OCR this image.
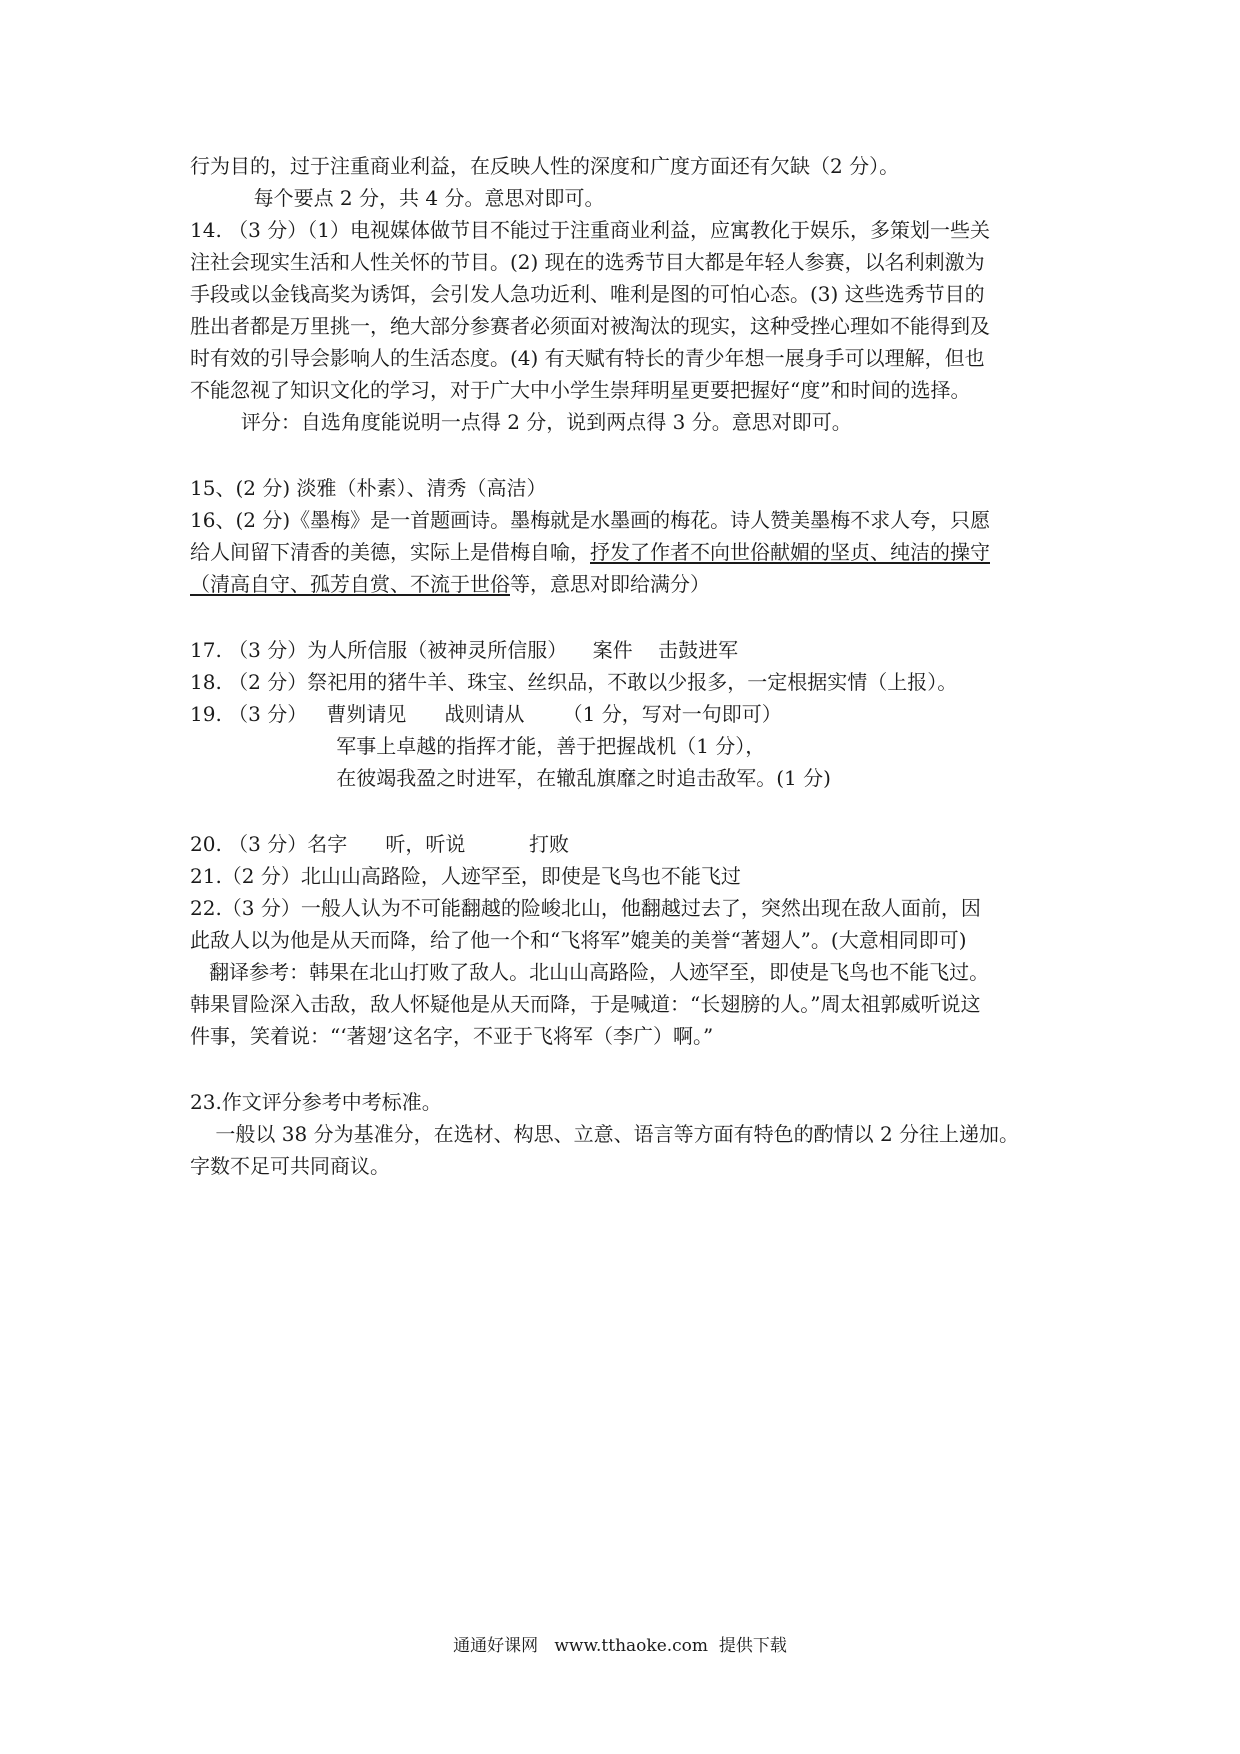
行为目的，过于注重商业利益，在反映人性的深度和广度方面还有欠缺（2 分）。
每个要点 2 分，共 4 分。意思对即可。
14. （3 分）（1）电视媒体做节目不能过于注重商业利益，应寓教化于娱乐，多策划一些关
注社会现实生活和人性关怀的节目。(2) 现在的选秀节目大都是年轻人参赛，以名利刺激为
手段或以金钱高奖为诱饵，会引发人急功近利、唯利是图的可怕心态。(3) 这些选秀节目的
胜出者都是万里挑一，绝大部分参赛者必须面对被淘汰的现实，这种受挫心理如不能得到及
时有效的引导会影响人的生活态度。(4) 有天赋有特长的青少年想一展身手可以理解，但也
不能忽视了知识文化的学习，对于广大中小学生崇拜明星更要把握好“度”和时间的选择。
评分：自选角度能说明一点得 2 分，说到两点得 3 分。意思对即可。
15、(2 分) 淡雅（朴素）、清秀（高洁）
16、(2 分)《墨梅》是一首题画诗。墨梅就是水墨画的梅花。诗人赞美墨梅不求人夸，只愿
给人间留下清香的美德，实际上是借梅自喻，抒发了作者不向世俗献媚的坚贞、纯洁的操守
（清高自守、孤芳自赏、不流于世俗等，意思对即给满分）
17. （3 分）为人所信服（被神灵所信服）    案件    击鼓进军
18. （2 分）祭祀用的猪牛羊、珠宝、丝织品，不敢以少报多，一定根据实情（上报）。
19. （3 分）   曹刿请见      战则请从      （1 分，写对一句即可）
军事上卓越的指挥才能，善于把握战机（1 分），
在彼竭我盈之时进军，在辙乱旗靡之时追击敌军。(1 分)
20. （3 分）名字      听，听说          打败
21.（2 分）北山山高路险，人迹罕至，即使是飞鸟也不能飞过
22.（3 分）一般人认为不可能翻越的险峻北山，他翻越过去了，突然出现在敌人面前，因
此敌人以为他是从天而降，给了他一个和“飞将军”媲美的美誉“著翅人”。(大意相同即可)
翻译参考：韩果在北山打败了敌人。北山山高路险，人迹罕至，即使是飞鸟也不能飞过。
韩果冒险深入击敌，敌人怀疑他是从天而降，于是喊道：“长翅膀的人。”周太祖郭威听说这
件事，笑着说：“‘著翅’这名字，不亚于飞将军（李广）啊。”
23.作文评分参考中考标准。
一般以 38 分为基准分，在选材、构思、立意、语言等方面有特色的酌情以 2 分往上递加。
字数不足可共同商议。
通通好课网   www.tthaoke.com  提供下载
